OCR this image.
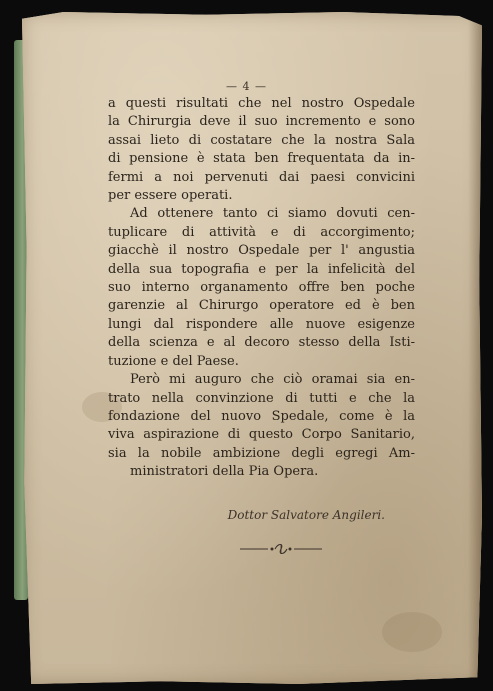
— 4 —

a questi risultati che nel nostro Ospedale
la Chirurgia deve il suo incremento e sono
assai lieto di costatare che la nostra Sala
di pensione è stata ben frequentata da in-
fermi a noi pervenuti dai paesi convicini
per essere operati.

Ad ottenere tanto ci siamo dovuti cen-
tuplicare di attività e di accorgimento;
giacchè il nostro Ospedale per l' angustia
della sua topografia e per la infelicità del
suo interno organamento offre ben poche
garenzie al Chirurgo operatore ed è ben
lungi dal rispondere alle nuove esigenze
della scienza e al decoro stesso della Isti-
tuzione e del Paese.

Però mi auguro che ciò oramai sia en-
trato nella convinzione di tutti e che la
fondazione del nuovo Spedale, come è la
viva aspirazione di questo Corpo Sanitario,
sia la nobile ambizione degli egregi Am-
ministratori della Pia Opera.

Dottor Salvatore Angileri.
